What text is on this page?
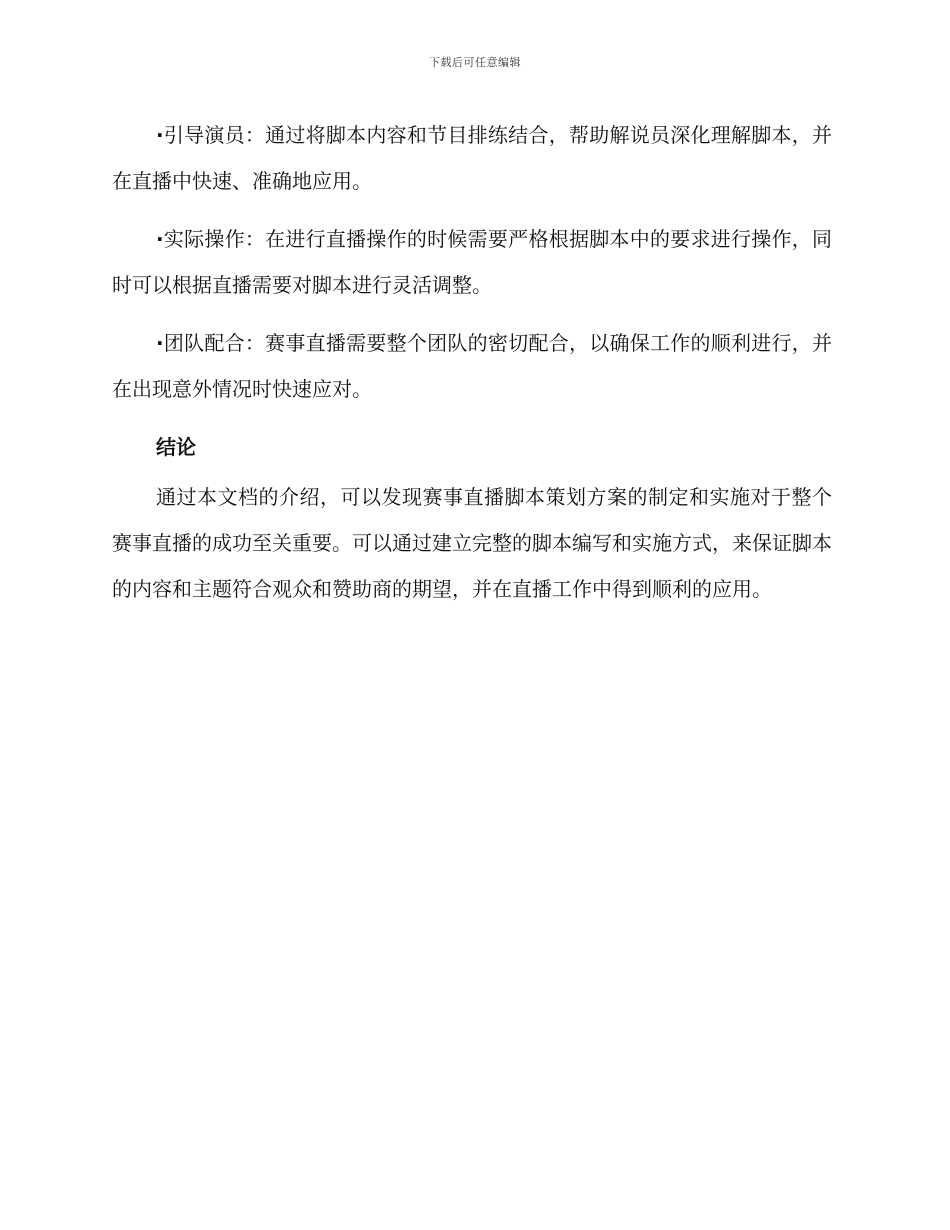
下载后可任意编辑

·引导演员：通过将脚本内容和节目排练结合，帮助解说员深化理解脚本，并在直播中快速、准确地应用。

·实际操作：在进行直播操作的时候需要严格根据脚本中的要求进行操作，同时可以根据直播需要对脚本进行灵活调整。

·团队配合：赛事直播需要整个团队的密切配合，以确保工作的顺利进行，并在出现意外情况时快速应对。

结论

通过本文档的介绍，可以发现赛事直播脚本策划方案的制定和实施对于整个赛事直播的成功至关重要。可以通过建立完整的脚本编写和实施方式，来保证脚本的内容和主题符合观众和赞助商的期望，并在直播工作中得到顺利的应用。
